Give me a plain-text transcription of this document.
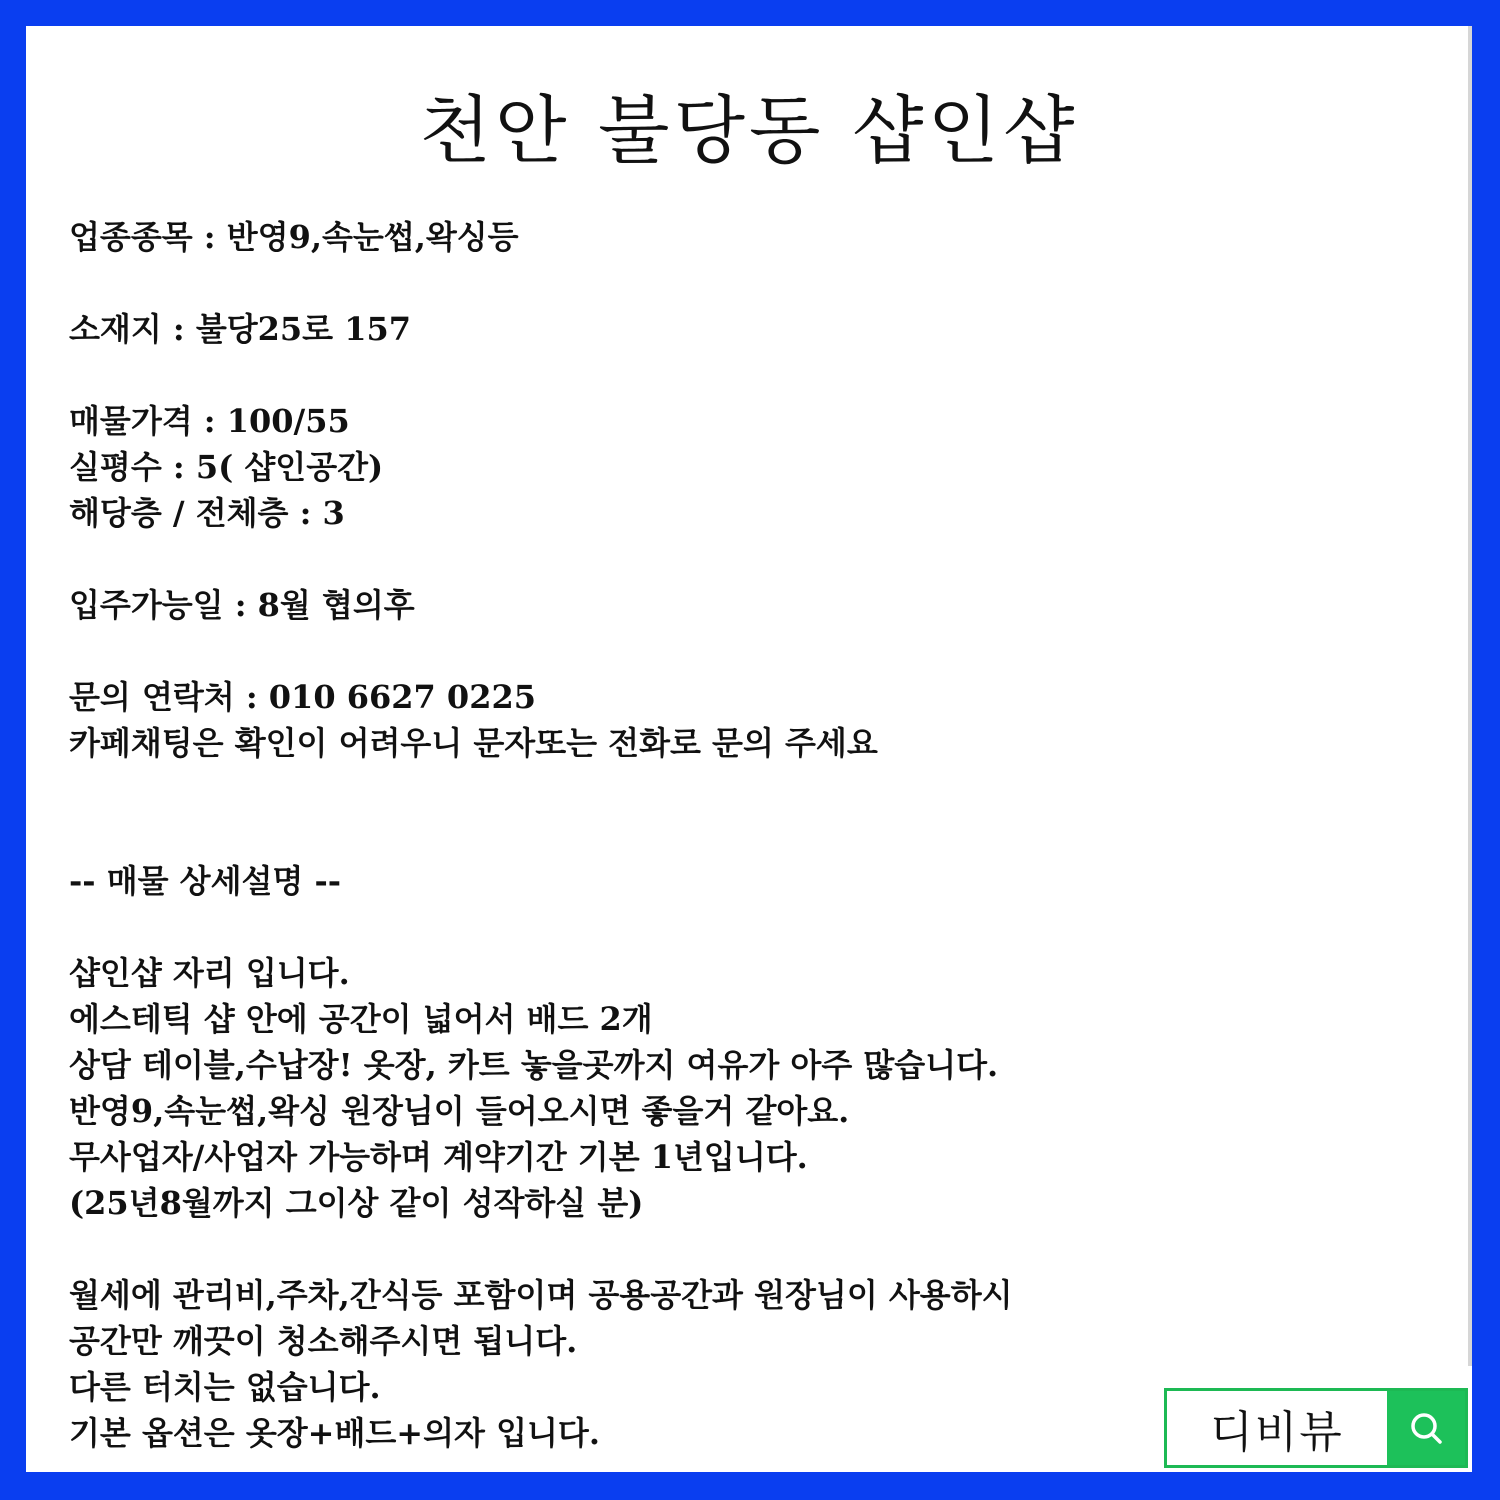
천안 불당동 샵인샵
업종종목 : 반영9,속눈썹,왁싱등
소재지 : 불당25로 157
매물가격 : 100/55
실평수 : 5( 샵인공간)
해당층 / 전체층 : 3
입주가능일 : 8월 협의후
문의 연락처 : 010 6627 0225
카페채팅은 확인이 어려우니 문자또는 전화로 문의 주세요
-- 매물 상세설명 --
샵인샵 자리 입니다.
에스테틱 샵 안에 공간이 넓어서 배드 2개
상담 테이블,수납장! 옷장, 카트 놓을곳까지 여유가 아주 많습니다.
반영9,속눈썹,왁싱 원장님이 들어오시면 좋을거 같아요.
무사업자/사업자 가능하며 계약기간 기본 1년입니다.
(25년8월까지 그이상 같이 성작하실 분)
월세에 관리비,주차,간식등 포함이며 공용공간과 원장님이 사용하시
공간만 깨끗이 청소해주시면 됩니다.
다른 터치는 없습니다.
기본 옵션은 옷장+배드+의자 입니다.	디비뷰
